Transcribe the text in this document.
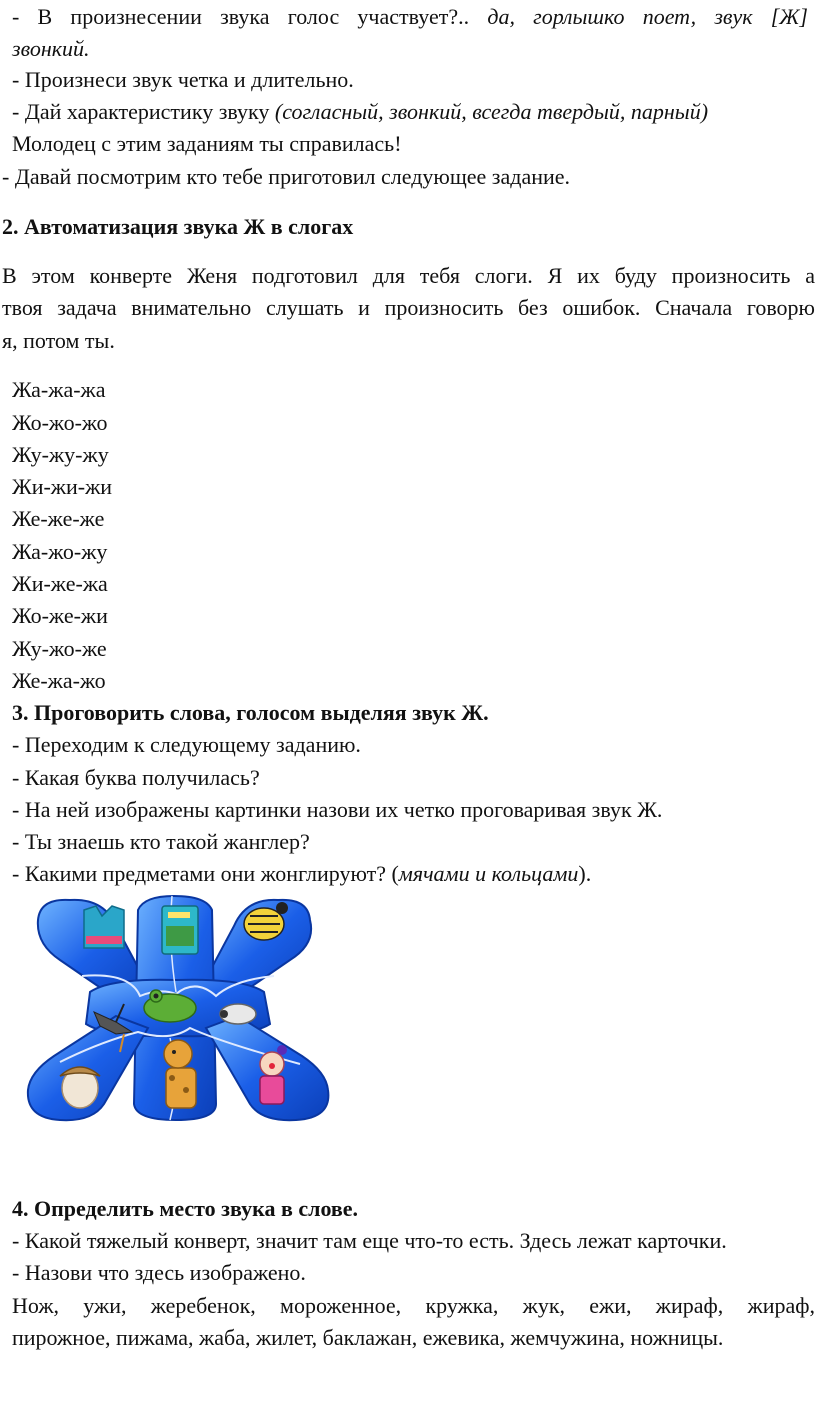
- В произнесении звука голос участвует?.. да, горлышко поет, звук [Ж]
звонкий.
- Произнеси звук четка и длительно.
- Дай характеристику звуку (согласный, звонкий, всегда твердый, парный)
Молодец с этим заданиям ты справилась!
- Давай посмотрим кто тебе приготовил следующее задание.
2. Автоматизация звука Ж в слогах
В этом конверте Женя подготовил для тебя слоги. Я их буду произносить а
твоя задача внимательно слушать и произносить без ошибок. Сначала говорю
я, потом ты.
Жа-жа-жа
Жо-жо-жо
Жу-жу-жу
Жи-жи-жи
Же-же-же
Жа-жо-жу
Жи-же-жа
Жо-же-жи
Жу-жо-же
Же-жа-жо
3. Проговорить слова, голосом выделяя звук Ж.
- Переходим к следующему заданию.
- Какая буква получилась?
- На ней изображены картинки назови их четко проговаривая звук Ж.
- Ты знаешь кто такой жанглер?
- Какими предметами они жонглируют? (мячами и кольцами).
4. Определить место звука в слове.
- Какой тяжелый конверт, значит там еще что-то есть. Здесь лежат карточки.
- Назови что здесь изображено.
Нож, ужи, жеребенок, мороженное, кружка, жук, ежи, жираф, жираф,
пирожное, пижама, жаба, жилет, баклажан, ежевика, жемчужина, ножницы.
